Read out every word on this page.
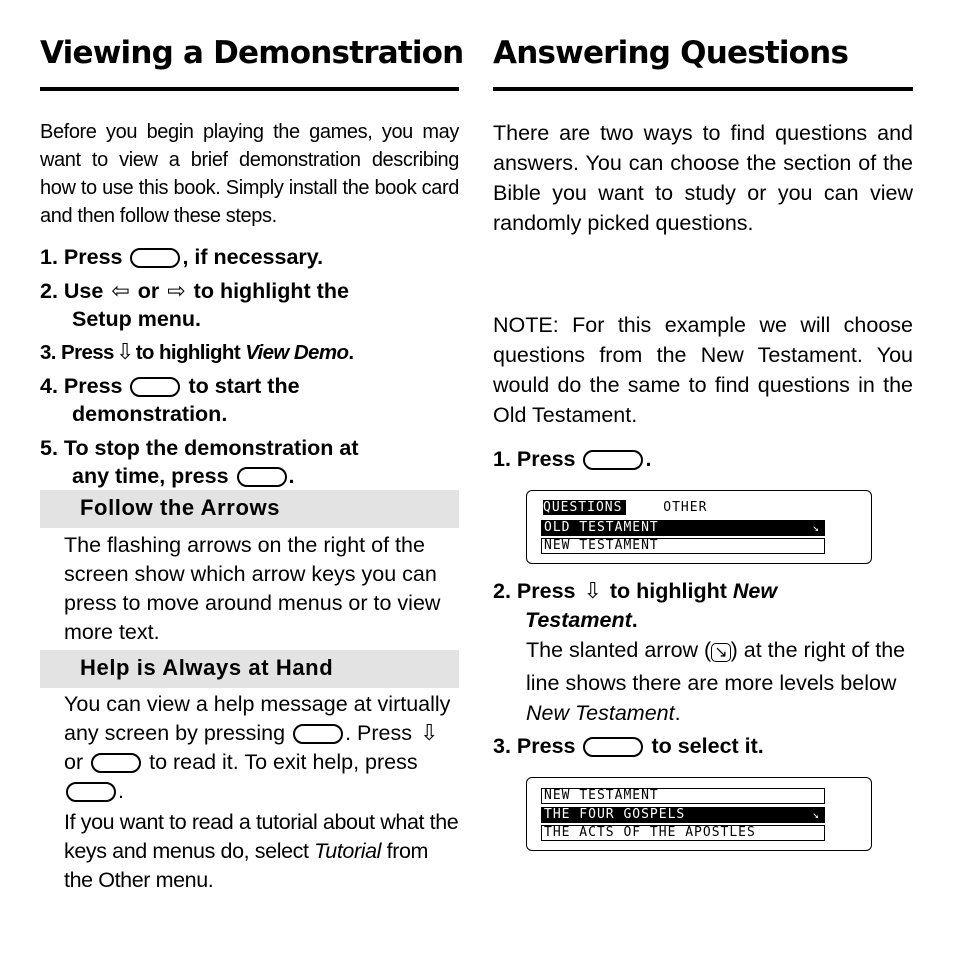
Viewing a Demonstration

Before you begin playing the games, you may want to view a brief demonstration describing how to use this book. Simply install the book card and then follow these steps.

1. Press	, if necessary.

2. Use ⇦ or ⇨ to highlight the
Setup menu.

3. Press⇩to highlight View Demo.

4. Press	to start the
demonstration.

5. To stop the demonstration at
any time, press	.

Follow the Arrows

The flashing arrows on the right of the screen show which arrow keys you can press to move around menus or to view more text.

Help is Always at Hand

You can view a help message at virtually any screen by pressing	. Press ⇩ or	to read it. To exit help, press .

If you want to read a tutorial about what the keys and menus do, select Tutorial from the Other menu.

Answering Questions

There are two ways to find questions and answers. You can choose the section of the Bible you want to study or you can view randomly picked questions.

NOTE: For this example we will choose questions from the New Testament. You would do the same to find questions in the Old Testament.

1. Press	.

QUESTIONS	OTHER
OLD TESTAMENT	↘
NEW TESTAMENT

2. Press ⇩ to highlight New
Testament.

The slanted arrow ( ↘ ) at the right of the line shows there are more levels below New Testament.

3. Press	to select it.

NEW TESTAMENT
THE FOUR GOSPELS	↘
THE ACTS OF THE APOSTLES
